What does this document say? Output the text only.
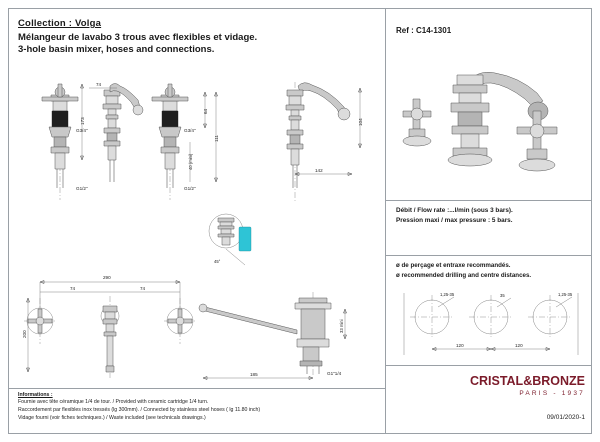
Collection : Volga
Mélangeur de lavabo 3 trous avec flexibles et vidage.
3-hole basin mixer, hoses and connections.
Ref : C14-1301
173
74
64
111
40 (mini)
G3/4"
G1/2"
G3/4"
G1/2"
104
142
45°
290
74	74
200
33 mini
185	G1"1/4
Débit / Flow rate :...l/min (sous 3 bars).
Pression maxi / max pressure : 5 bars.
ø de perçage et entraxe recommandés.
ø recommended drilling and centre distances.
1,25-35	35	1,25-35
120	120
Informations :
Fournie avec tête céramique 1/4 de tour. / Provided with ceramic cartridge 1/4 turn.
Raccordement par flexibles inox tressés (lg 300mm). / Connected by stainless steel hoses ( lg 11.80 inch)
Vidage fourni (voir fiches techniques.) / Waste included (see technicals drawings.)
CRISTAL&BRONZE
PARIS - 1937
09/01/2020-1
